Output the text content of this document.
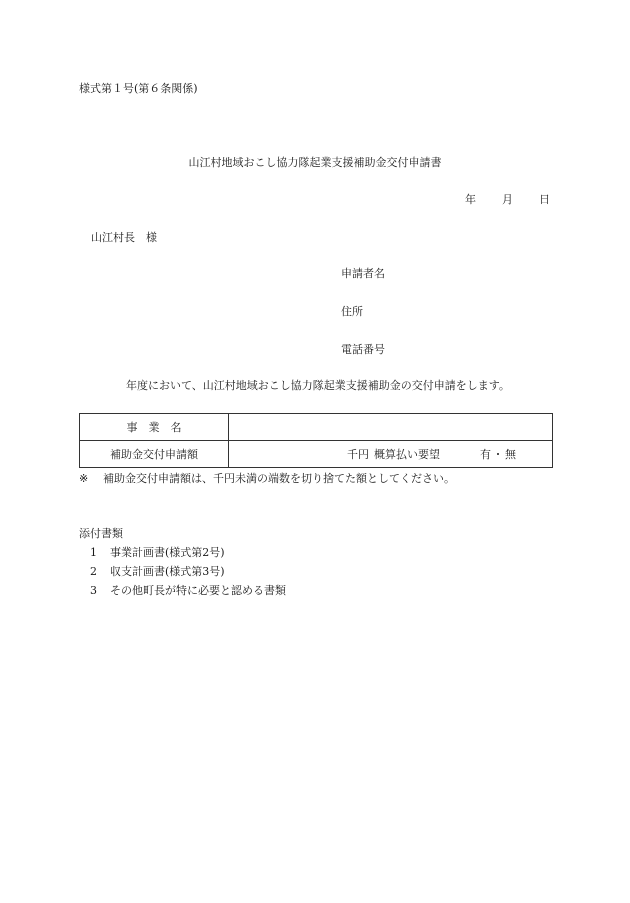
様式第１号(第６条関係)
山江村地域おこし協力隊起業支援補助金交付申請書
年 月 日
山江村長 様
申請者名
住所
電話番号
年度において、山江村地域おこし協力隊起業支援補助金の交付申請をします。
事　業　名	
補助金交付申請額	千円 概算払い要望 有 ・ 無
※ 補助金交付申請額は、千円未満の端数を切り捨てた額としてください。
添付書類
1 事業計画書(様式第2号)
2 収支計画書(様式第3号)
3 その他町長が特に必要と認める書類
